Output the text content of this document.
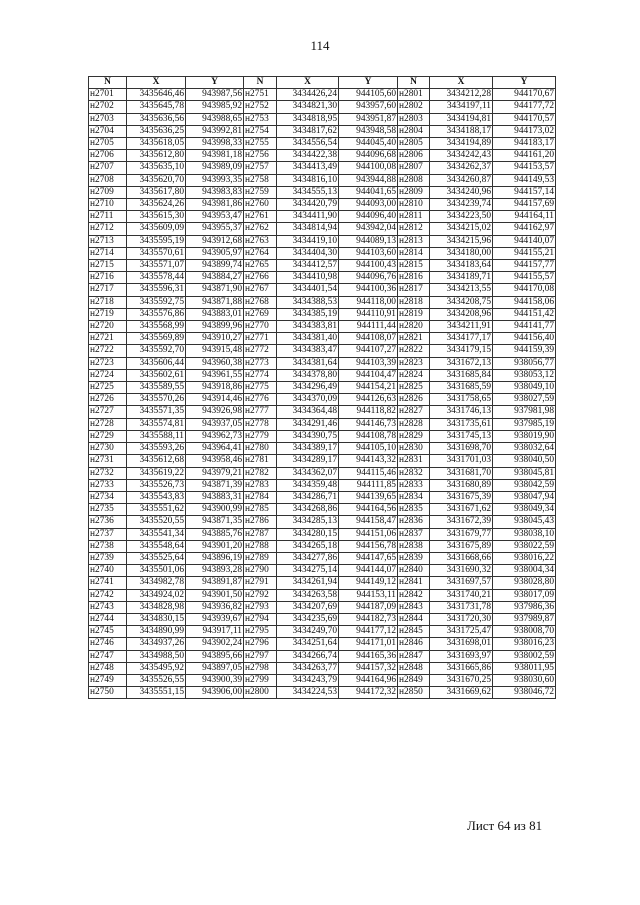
114
N	X	Y	N	X	Y	N	X	Y
н2701	3435646,46	943987,56	н2751	3434426,24	944105,60	н2801	3434212,28	944170,67
н2702	3435645,78	943985,92	н2752	3434821,30	943957,60	н2802	3434197,11	944177,72
н2703	3435636,56	943988,65	н2753	3434818,95	943951,87	н2803	3434194,81	944170,57
н2704	3435636,25	943992,81	н2754	3434817,62	943948,58	н2804	3434188,17	944173,02
н2705	3435618,05	943998,33	н2755	3434556,54	944045,40	н2805	3434194,89	944183,17
н2706	3435612,80	943981,18	н2756	3434422,38	944096,68	н2806	3434242,43	944161,20
н2707	3435635,10	943989,09	н2757	3434413,49	944100,08	н2807	3434262,37	944153,57
н2708	3435620,70	943993,35	н2758	3434816,10	943944,88	н2808	3434260,87	944149,53
н2709	3435617,80	943983,83	н2759	3434555,13	944041,65	н2809	3434240,96	944157,14
н2710	3435624,26	943981,86	н2760	3434420,79	944093,00	н2810	3434239,74	944157,69
н2711	3435615,30	943953,47	н2761	3434411,90	944096,40	н2811	3434223,50	944164,11
н2712	3435609,09	943955,37	н2762	3434814,94	943942,04	н2812	3434215,02	944162,97
н2713	3435595,19	943912,68	н2763	3434419,10	944089,13	н2813	3434215,96	944140,07
н2714	3435570,61	943905,97	н2764	3434404,30	944103,60	н2814	3434180,00	944155,21
н2715	3435571,07	943899,74	н2765	3434412,57	944100,43	н2815	3434183,64	944157,77
н2716	3435578,44	943884,27	н2766	3434410,98	944096,76	н2816	3434189,71	944155,57
н2717	3435596,31	943871,90	н2767	3434401,54	944100,36	н2817	3434213,55	944170,08
н2718	3435592,75	943871,88	н2768	3434388,53	944118,00	н2818	3434208,75	944158,06
н2719	3435576,86	943883,01	н2769	3434385,19	944110,91	н2819	3434208,96	944151,42
н2720	3435568,99	943899,96	н2770	3434383,81	944111,44	н2820	3434211,91	944141,77
н2721	3435569,89	943910,27	н2771	3434381,40	944108,07	н2821	3434177,17	944156,40
н2722	3435592,70	943915,48	н2772	3434383,47	944107,27	н2822	3434179,15	944159,39
н2723	3435606,44	943960,38	н2773	3434381,64	944103,39	н2823	3431672,13	938056,77
н2724	3435602,61	943961,55	н2774	3434378,80	944104,47	н2824	3431685,84	938053,12
н2725	3435589,55	943918,86	н2775	3434296,49	944154,21	н2825	3431685,59	938049,10
н2726	3435570,26	943914,46	н2776	3434370,09	944126,63	н2826	3431758,65	938027,59
н2727	3435571,35	943926,98	н2777	3434364,48	944118,82	н2827	3431746,13	937981,98
н2728	3435574,81	943937,05	н2778	3434291,46	944146,73	н2828	3431735,61	937985,19
н2729	3435588,11	943962,73	н2779	3434390,75	944108,78	н2829	3431745,13	938019,90
н2730	3435593,26	943964,41	н2780	3434389,17	944105,10	н2830	3431698,70	938032,64
н2731	3435612,68	943958,46	н2781	3434289,17	944143,32	н2831	3431701,03	938040,50
н2732	3435619,22	943979,21	н2782	3434362,07	944115,46	н2832	3431681,70	938045,81
н2733	3435526,73	943871,39	н2783	3434359,48	944111,85	н2833	3431680,89	938042,59
н2734	3435543,83	943883,31	н2784	3434286,71	944139,65	н2834	3431675,39	938047,94
н2735	3435551,62	943900,99	н2785	3434268,86	944164,56	н2835	3431671,62	938049,34
н2736	3435520,55	943871,35	н2786	3434285,13	944158,47	н2836	3431672,39	938045,43
н2737	3435541,34	943885,76	н2787	3434280,15	944151,06	н2837	3431679,77	938038,10
н2738	3435548,64	943901,20	н2788	3434265,18	944156,78	н2838	3431675,89	938022,59
н2739	3435525,64	943896,19	н2789	3434277,86	944147,65	н2839	3431668,66	938016,22
н2740	3435501,06	943893,28	н2790	3434275,14	944144,07	н2840	3431690,32	938004,34
н2741	3434982,78	943891,87	н2791	3434261,94	944149,12	н2841	3431697,57	938028,80
н2742	3434924,02	943901,50	н2792	3434263,58	944153,11	н2842	3431740,21	938017,09
н2743	3434828,98	943936,82	н2793	3434207,69	944187,09	н2843	3431731,78	937986,36
н2744	3434830,15	943939,67	н2794	3434235,69	944182,73	н2844	3431720,30	937989,87
н2745	3434890,99	943917,11	н2795	3434249,70	944177,12	н2845	3431725,47	938008,70
н2746	3434937,26	943902,24	н2796	3434251,64	944171,01	н2846	3431698,01	938016,23
н2747	3434988,50	943895,66	н2797	3434266,74	944165,36	н2847	3431693,97	938002,59
н2748	3435495,92	943897,05	н2798	3434263,77	944157,32	н2848	3431665,86	938011,95
н2749	3435526,55	943900,39	н2799	3434243,79	944164,96	н2849	3431670,25	938030,60
н2750	3435551,15	943906,00	н2800	3434224,53	944172,32	н2850	3431669,62	938046,72
Лист 64 из 81
